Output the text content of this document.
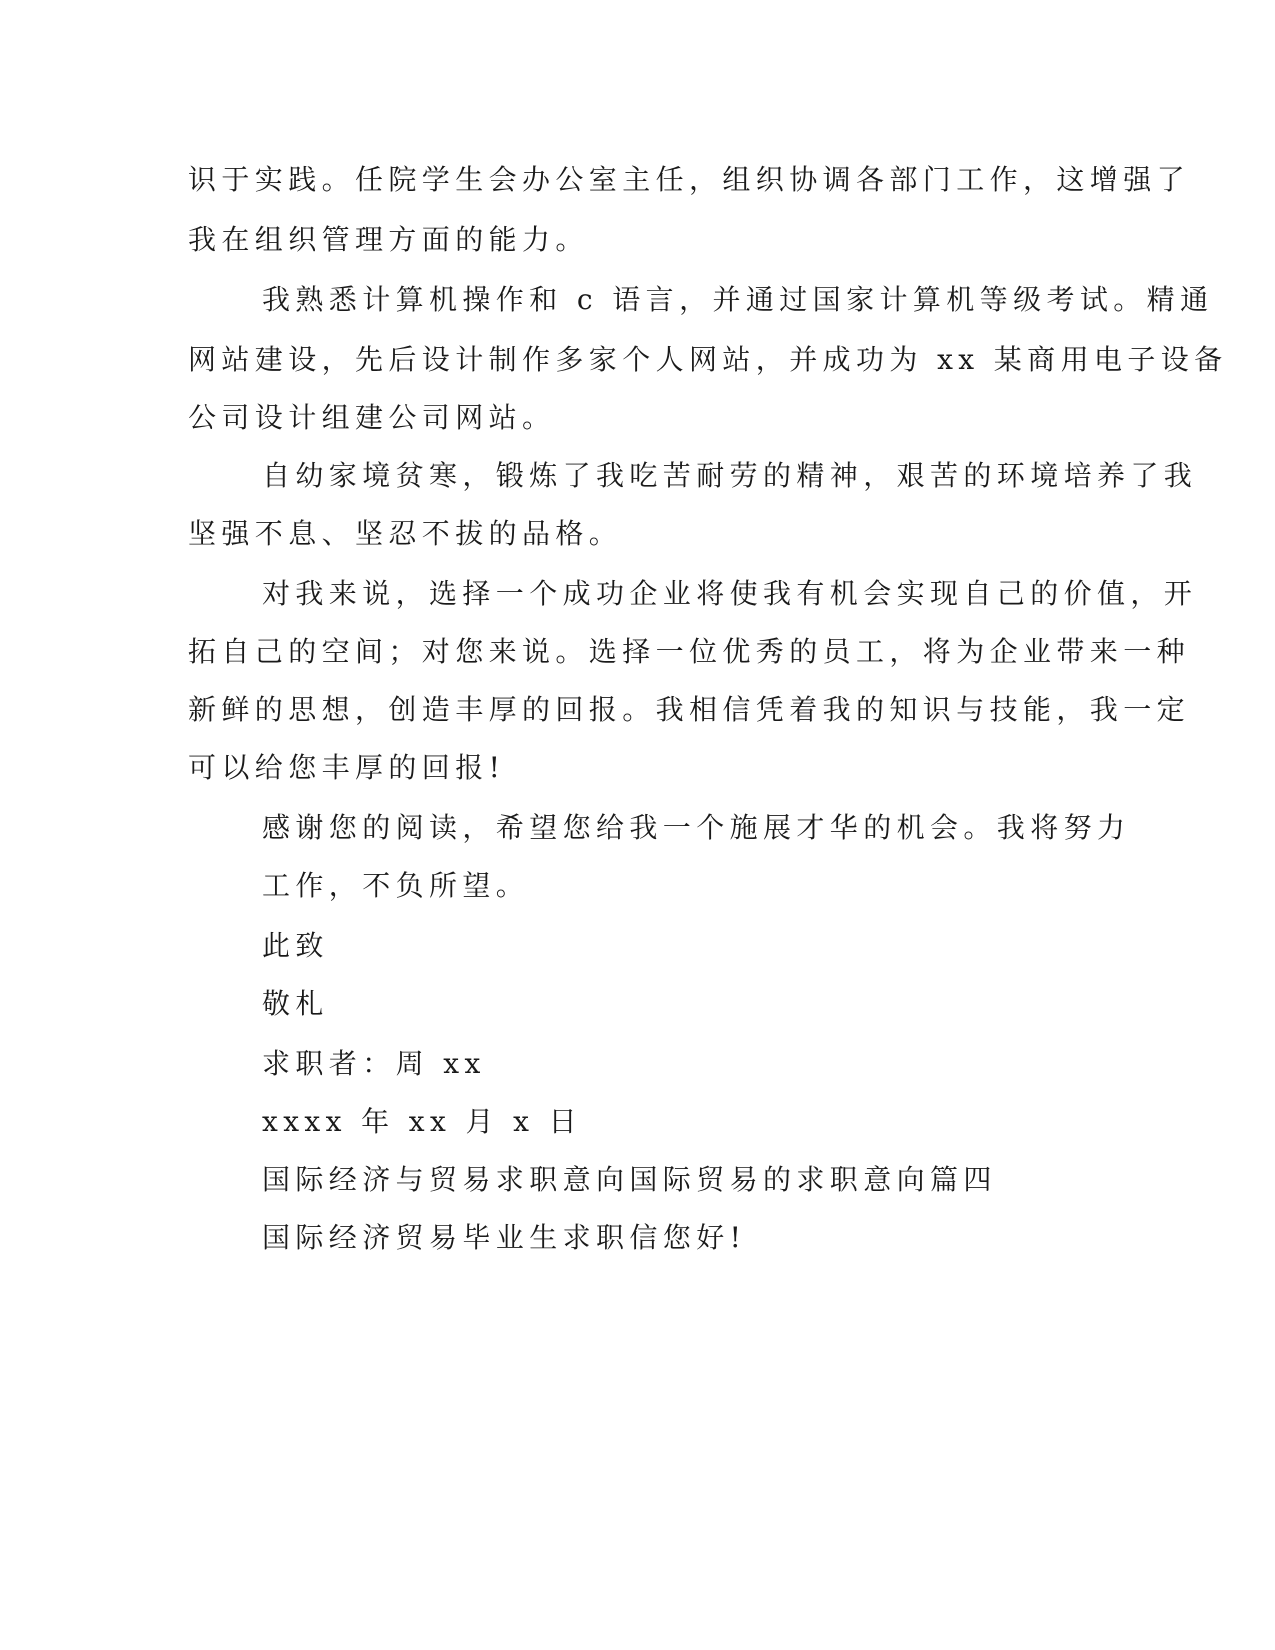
识于实践。任院学生会办公室主任，组织协调各部门工作，这增强了
我在组织管理方面的能力。
我熟悉计算机操作和 c 语言，并通过国家计算机等级考试。精通
网站建设，先后设计制作多家个人网站，并成功为 xx 某商用电子设备
公司设计组建公司网站。
自幼家境贫寒，锻炼了我吃苦耐劳的精神，艰苦的环境培养了我
坚强不息、坚忍不拔的品格。
对我来说，选择一个成功企业将使我有机会实现自己的价值，开
拓自己的空间；对您来说。选择一位优秀的员工，将为企业带来一种
新鲜的思想，创造丰厚的回报。我相信凭着我的知识与技能，我一定
可以给您丰厚的回报!
感谢您的阅读，希望您给我一个施展才华的机会。我将努力
工作，不负所望。
此致
敬札
求职者：周 xx
xxxx 年 xx 月 x 日
国际经济与贸易求职意向国际贸易的求职意向篇四
国际经济贸易毕业生求职信您好!
